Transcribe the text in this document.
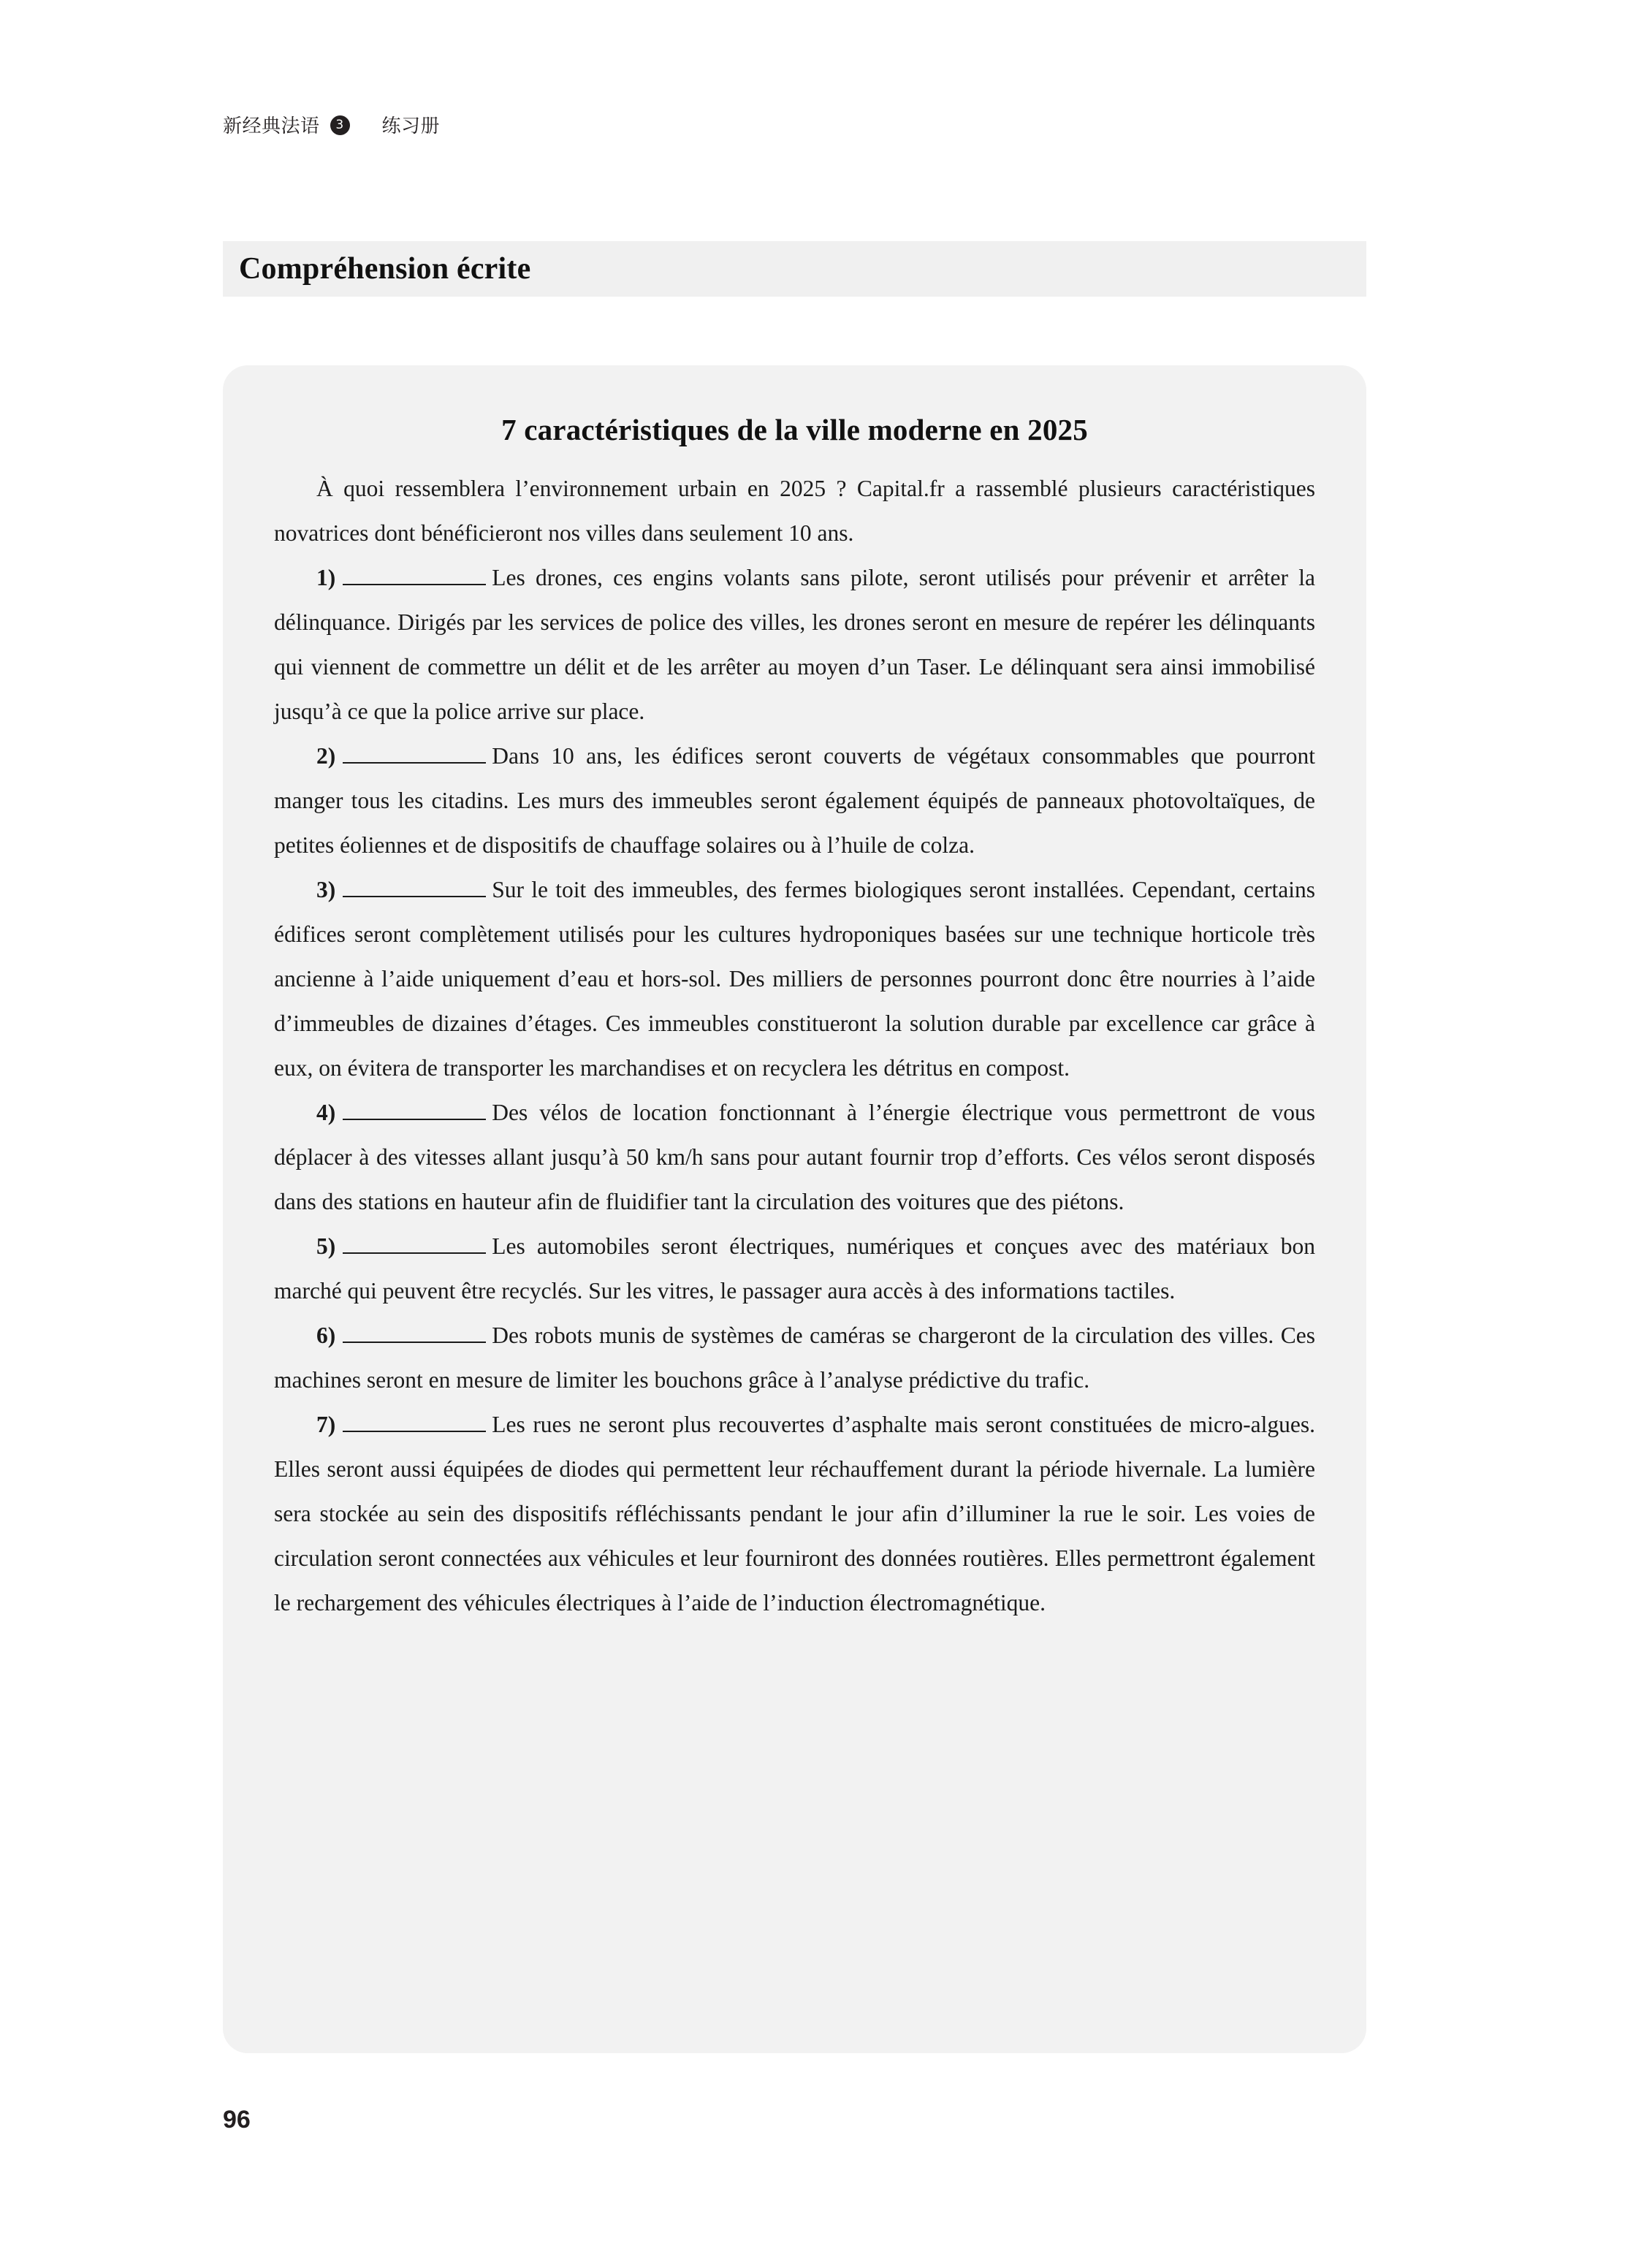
新经典法语	3	练习册
Compréhension écrite
7 caractéristiques de la ville moderne en 2025

À quoi ressemblera l’environnement urbain en 2025 ? Capital.fr a rassemblé plusieurs caractéristiques novatrices dont bénéficieront nos villes dans seulement 10 ans.

1)	Les drones, ces engins volants sans pilote, seront utilisés pour prévenir et arrêter la délinquance. Dirigés par les services de police des villes, les drones seront en mesure de repérer les délinquants qui viennent de commettre un délit et de les arrêter au moyen d’un Taser. Le délinquant sera ainsi immobilisé jusqu’à ce que la police arrive sur place.

2)	Dans 10 ans, les édifices seront couverts de végétaux consommables que pourront manger tous les citadins. Les murs des immeubles seront également équipés de panneaux photovoltaïques, de petites éoliennes et de dispositifs de chauffage solaires ou à l’huile de colza.

3)	Sur le toit des immeubles, des fermes biologiques seront installées. Cependant, certains édifices seront complètement utilisés pour les cultures hydroponiques basées sur une technique horticole très ancienne à l’aide uniquement d’eau et hors-sol. Des milliers de personnes pourront donc être nourries à l’aide d’immeubles de dizaines d’étages. Ces immeubles constitueront la solution durable par excellence car grâce à eux, on évitera de transporter les marchandises et on recyclera les détritus en compost.

4)	Des vélos de location fonctionnant à l’énergie électrique vous permettront de vous déplacer à des vitesses allant jusqu’à 50 km/h sans pour autant fournir trop d’efforts. Ces vélos seront disposés dans des stations en hauteur afin de fluidifier tant la circulation des voitures que des piétons.

5)	Les automobiles seront électriques, numériques et conçues avec des matériaux bon marché qui peuvent être recyclés. Sur les vitres, le passager aura accès à des informations tactiles.

6)	Des robots munis de systèmes de caméras se chargeront de la circulation des villes. Ces machines seront en mesure de limiter les bouchons grâce à l’analyse prédictive du trafic.

7)	Les rues ne seront plus recouvertes d’asphalte mais seront constituées de micro-algues. Elles seront aussi équipées de diodes qui permettent leur réchauffement durant la période hivernale. La lumière sera stockée au sein des dispositifs réfléchissants pendant le jour afin d’illuminer la rue le soir. Les voies de circulation seront connectées aux véhicules et leur fourniront des données routières. Elles permettront également le rechargement des véhicules électriques à l’aide de l’induction électromagnétique.

96
